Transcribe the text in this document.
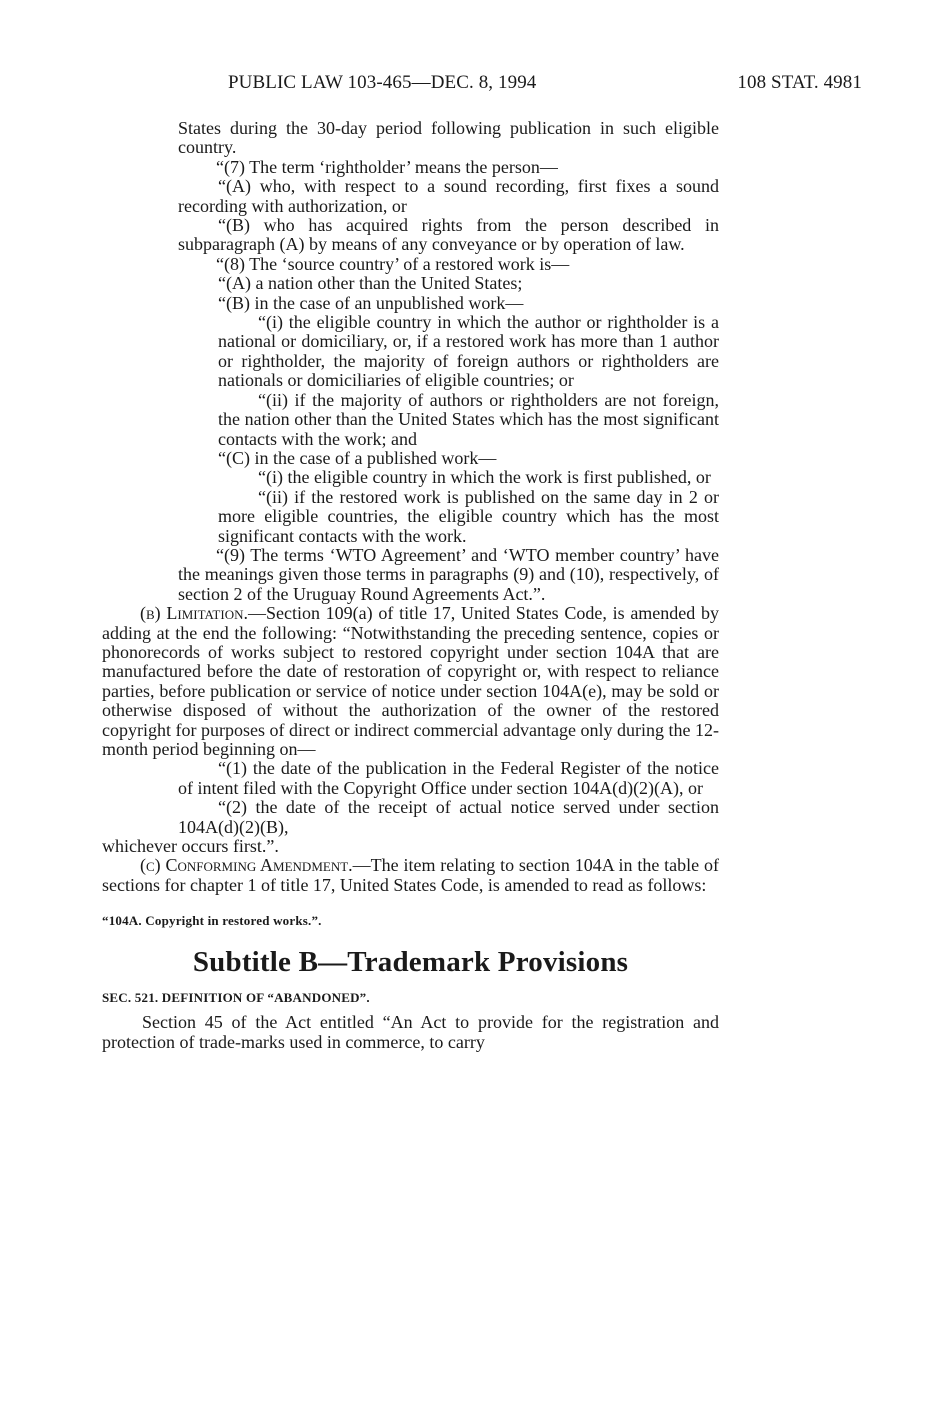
PUBLIC LAW 103-465—DEC. 8, 1994	108 STAT. 4981

States during the 30-day period following publication in such eligible country.

“(7) The term ‘rightholder’ means the person—

“(A) who, with respect to a sound recording, first fixes a sound recording with authorization, or

“(B) who has acquired rights from the person described in subparagraph (A) by means of any conveyance or by operation of law.

“(8) The ‘source country’ of a restored work is—

“(A) a nation other than the United States;

“(B) in the case of an unpublished work—

“(i) the eligible country in which the author or rightholder is a national or domiciliary, or, if a restored work has more than 1 author or rightholder, the majority of foreign authors or rightholders are nationals or domiciliaries of eligible countries; or

“(ii) if the majority of authors or rightholders are not foreign, the nation other than the United States which has the most significant contacts with the work; and

“(C) in the case of a published work—

“(i) the eligible country in which the work is first published, or

“(ii) if the restored work is published on the same day in 2 or more eligible countries, the eligible country which has the most significant contacts with the work.

“(9) The terms ‘WTO Agreement’ and ‘WTO member country’ have the meanings given those terms in paragraphs (9) and (10), respectively, of section 2 of the Uruguay Round Agreements Act.”.

(b) Limitation.—Section 109(a) of title 17, United States Code, is amended by adding at the end the following: “Notwithstanding the preceding sentence, copies or phonorecords of works subject to restored copyright under section 104A that are manufactured before the date of restoration of copyright or, with respect to reliance parties, before publication or service of notice under section 104A(e), may be sold or otherwise disposed of without the authorization of the owner of the restored copyright for purposes of direct or indirect commercial advantage only during the 12-month period beginning on—

“(1) the date of the publication in the Federal Register of the notice of intent filed with the Copyright Office under section 104A(d)(2)(A), or

“(2) the date of the receipt of actual notice served under section 104A(d)(2)(B),

whichever occurs first.”.

(c) Conforming Amendment.—The item relating to section 104A in the table of sections for chapter 1 of title 17, United States Code, is amended to read as follows:

“104A. Copyright in restored works.”.

Subtitle B—Trademark Provisions
SEC. 521. DEFINITION OF “ABANDONED”.

Section 45 of the Act entitled “An Act to provide for the registration and protection of trade-marks used in commerce, to carry
